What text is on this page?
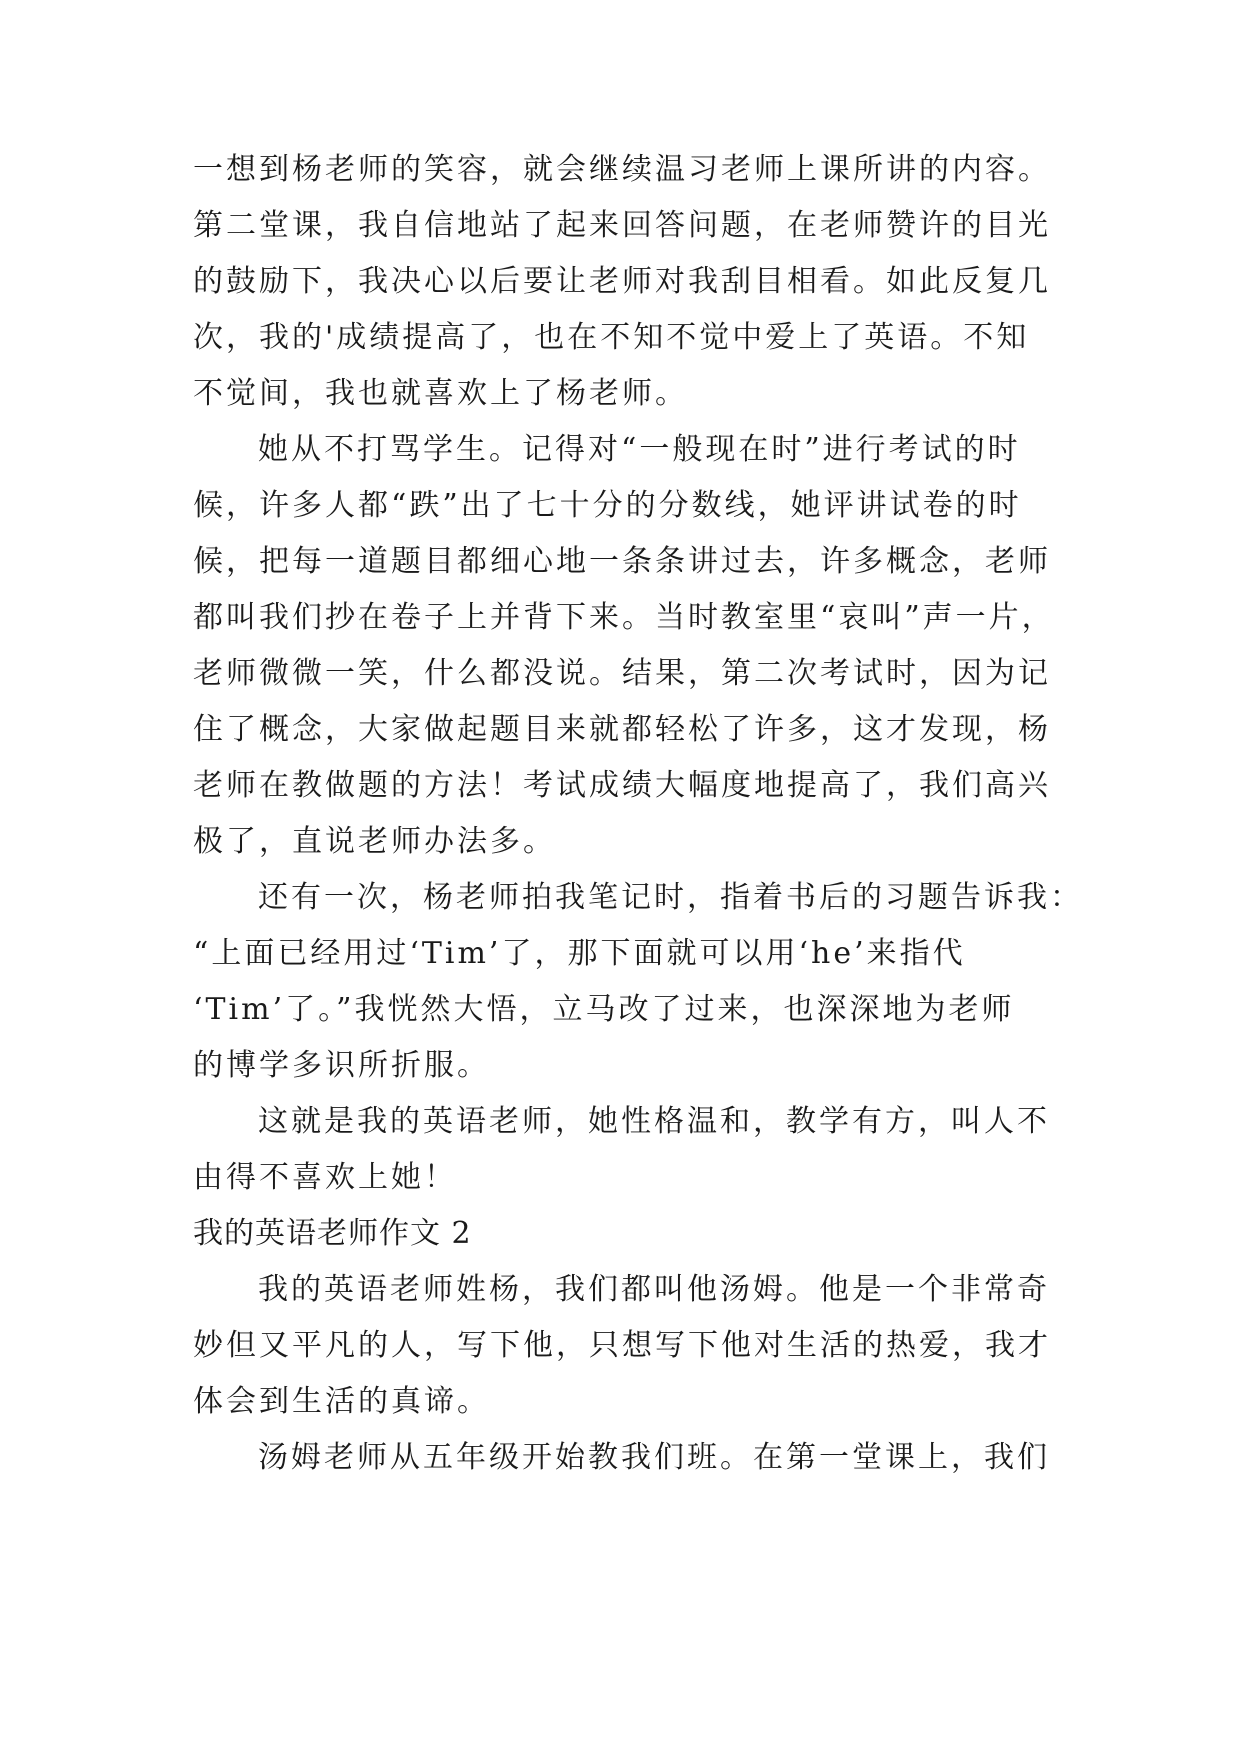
一想到杨老师的笑容，就会继续温习老师上课所讲的内容。
第二堂课，我自信地站了起来回答问题，在老师赞许的目光
的鼓励下，我决心以后要让老师对我刮目相看。如此反复几
次，我的'成绩提高了，也在不知不觉中爱上了英语。不知
不觉间，我也就喜欢上了杨老师。
她从不打骂学生。记得对“一般现在时”进行考试的时
候，许多人都“跌”出了七十分的分数线，她评讲试卷的时
候，把每一道题目都细心地一条条讲过去，许多概念，老师
都叫我们抄在卷子上并背下来。当时教室里“哀叫”声一片，
老师微微一笑，什么都没说。结果，第二次考试时，因为记
住了概念，大家做起题目来就都轻松了许多，这才发现，杨
老师在教做题的方法！考试成绩大幅度地提高了，我们高兴
极了，直说老师办法多。
还有一次，杨老师拍我笔记时，指着书后的习题告诉我：
“上面已经用过‘Tim’了，那下面就可以用‘he’来指代
‘Tim’了。”我恍然大悟，立马改了过来，也深深地为老师
的博学多识所折服。
这就是我的英语老师，她性格温和，教学有方，叫人不
由得不喜欢上她！
我的英语老师作文 2
我的英语老师姓杨，我们都叫他汤姆。他是一个非常奇
妙但又平凡的人，写下他，只想写下他对生活的热爱，我才
体会到生活的真谛。
汤姆老师从五年级开始教我们班。在第一堂课上，我们
